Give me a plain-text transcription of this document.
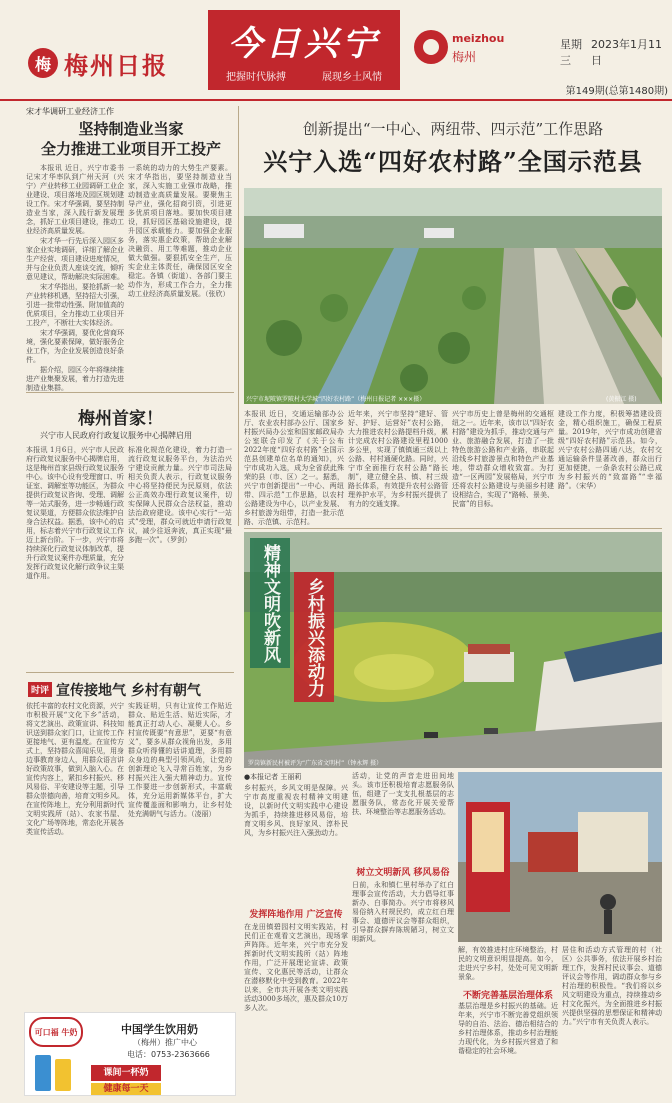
梅 梅州日报
今日兴宁
把握时代脉搏	展现乡土风情
meizhou
梅州
星期三
2023年1月11日
第149期(总第1480期)
宋才华调研工业经济工作
坚持制造业当家
全力推进工业项目开工投产

本报讯 近日，兴宁市委书记宋才华率队到广州天河（兴宁）产业转移工业园调研工业企业建设、项目落地及园区规划建设工作。宋才华强调，要坚持制造业当家，深入践行新发展理念，抓好工业项目建设，推动工业经济高质量发展。

宋才华一行先后深入园区多家企业实地调研，详细了解企业生产经营、项目建设进度情况，并与企业负责人座谈交流，倾听意见建议，帮助解决实际困难。

宋才华指出，要抢抓新一轮产业转移机遇，坚持招大引强，引进一批带动性强、附加值高的优质项目，全力推动工业项目开工投产，不断壮大实体经济。

宋才华强调，要优化营商环境，强化要素保障，做好服务企业工作，为企业发展创造良好条件。

据介绍，园区今年将继续推进产业集聚发展，着力打造先进制造业集群。

一系统的动力的大势生产要素。宋才华指出，要坚持制造业当家，深入实施工业强市战略，推动制造业高质量发展。要聚焦主导产业，强化招商引资，引进更多优质项目落地。要加快项目建设，抓好园区基础设施建设，提升园区承载能力。要加强企业服务，落实惠企政策，帮助企业解决融资、用工等难题，推动企业做大做强。要狠抓安全生产，压实企业主体责任，确保园区安全稳定。各镇（街道）、各部门要主动作为，形成工作合力，全力推动工业经济高质量发展。（张欣）
梅州首家！
兴宁市人民政府行政复议服务中心揭牌启用
本报讯 1月6日，兴宁市人民政府行政复议服务中心揭牌启用，这是梅州首家县级行政复议服务中心。该中心设有受理窗口、听证室、调解室等功能区，为群众提供行政复议咨询、受理、调解等一站式服务，进一步畅通行政复议渠道，方便群众依法维护自身合法权益。据悉，该中心的启用，标志着兴宁市行政复议工作迈上新台阶。下一步，兴宁市将持续深化行政复议体制改革，提升行政复议案件办理质量，充分发挥行政复议化解行政争议主渠道作用。
标准化规范化建设，着力打造一流行政复议服务平台，为法治兴宁建设贡献力量。兴宁市司法局相关负责人表示，行政复议服务中心将坚持便民为民原则，依法公正高效办理行政复议案件，切实保障人民群众合法权益，推动法治政府建设。该中心实行“一站式”受理，群众可就近申请行政复议，减少往返奔波，真正实现“最多跑一次”。（罗剑）
时评 宣传接地气 乡村有朝气
依托丰富的农村文化资源，兴宁市积极开展“文化下乡”活动，将文艺演出、政策宣讲、科技知识送到群众家门口，让宣传工作更接地气、更有温度。在宣传方式上，坚持群众喜闻乐见，用身边事教育身边人，用群众语言讲好政策故事，做到入脑入心。在宣传内容上，紧扣乡村振兴、移风易俗、平安建设等主题，引导群众崇德向善，培育文明乡风。在宣传阵地上，充分利用新时代文明实践所（站）、农家书屋、文化广场等阵地，常态化开展各类宣传活动。
实践证明，只有让宣传工作贴近群众、贴近生活、贴近实际，才能真正打动人心、凝聚人心。乡村宣传既要“有意思”，更要“有意义”，要多从群众视角出发，多用群众听得懂的话讲道理，多用群众身边的典型引领风尚，让党的创新理论飞入寻常百姓家，为乡村振兴注入强大精神动力。宣传工作要进一步创新形式，丰富载体，充分运用新媒体平台，扩大宣传覆盖面和影响力，让乡村处处充满朝气与活力。（凌丽）
可口福 牛奶	中国学生饮用奶
（梅州）推广中心
电话：0753-2363666
课间一杯奶
健康每一天
创新提出“一中心、两纽带、四示范”工作思路
兴宁入选“四好农村路”全国示范县
兴宁市坭陂镇罗陂村大学城“四好农村路”（梅州日报记者 ×××摄）	(黄振江 摄)
本报讯 近日，交通运输部办公厅、农业农村部办公厅、国家乡村振兴局办公室和国家邮政局办公室联合印发了《关于公布2022年度“四好农村路”全国示范县创建单位名单的通知》，兴宁市成功入选，成为全省获此殊荣的县（市、区）之一。据悉，兴宁市创新提出“一中心、两纽带、四示范”工作思路，以农村公路建设为中心，以产业发展、乡村旅游为纽带，打造一批示范路、示范镇、示范村。
近年来，兴宁市坚持“建好、管好、护好、运营好”农村公路，大力推进农村公路提档升级，累计完成农村公路建设里程1000多公里，实现了镇镇通三级以上公路、村村通硬化路。同时，兴宁市全面推行农村公路“路长制”，建立健全县、镇、村三级路长体系，有效提升农村公路管理养护水平，为乡村振兴提供了有力的交通支撑。
兴宁市历史上曾是梅州的交通枢纽之一。近年来，该市以“四好农村路”建设为抓手，推动交通与产业、旅游融合发展，打造了一批特色旅游公路和产业路，串联起沿线乡村旅游景点和特色产业基地，带动群众增收致富。为打造“一区两园”发展格局，兴宁市还将农村公路建设与美丽乡村建设相结合，实现了“路畅、景美、民富”的目标。
建设工作力度，积极筹措建设资金，精心组织施工，确保工程质量。2019年，兴宁市成功创建省级“四好农村路”示范县。如今，兴宁农村公路四通八达，农村交通运输条件显著改善，群众出行更加便捷，一条条农村公路已成为乡村振兴的“致富路”“幸福路”。（宋华）
精神文明吹新风	乡村振兴添动力
罗岗镇新民村被评为“广东省文明村”（钟永辉 摄）
●本报记者 王丽莉
乡村振兴，乡风文明是保障。兴宁市高度重视农村精神文明建设，以新时代文明实践中心建设为抓手，持续推进移风易俗，培育文明乡风、良好家风、淳朴民风，为乡村振兴注入强劲动力。
发挥阵地作用 广泛宣传
在龙田镇碧园村文明实践站，村民们正在观看文艺演出，现场掌声阵阵。近年来，兴宁市充分发挥新时代文明实践所（站）阵地作用，广泛开展理论宣讲、政策宣传、文化惠民等活动，让群众在潜移默化中受到教育。2022年以来，全市共开展各类文明实践活动3000多场次，惠及群众10万多人次。
活动，让党的声音走进田间地头。该市还积极培育志愿服务队伍，组建了一支支扎根基层的志愿服务队，常态化开展关爱帮扶、环境整治等志愿服务活动。
树立文明新风 移风易俗
日前，永和镇仁里村举办了红白理事会宣传活动，大力倡导红事新办、白事简办。兴宁市将移风易俗纳入村规民约，成立红白理事会、道德评议会等群众组织，引导群众摒弃陈规陋习，树立文明新风。
解，有效推进村庄环境整治，村民的文明意识明显提高。如今，走进兴宁乡村，处处可见文明新景象。
不断完善基层治理体系
基层治理是乡村振兴的基础。近年来，兴宁市不断完善党组织领导的自治、法治、德治相结合的乡村治理体系，推动乡村治理能力现代化，为乡村振兴营造了和谐稳定的社会环境。
居住和活动方式管理的村（社区）公共事务，依法开展乡村治理工作，发挥村民议事会、道德评议会等作用，调动群众参与乡村治理的积极性。“我们将以乡风文明建设为重点，持续推动乡村文化振兴，为全面推进乡村振兴提供坚强的思想保证和精神动力。”兴宁市有关负责人表示。
